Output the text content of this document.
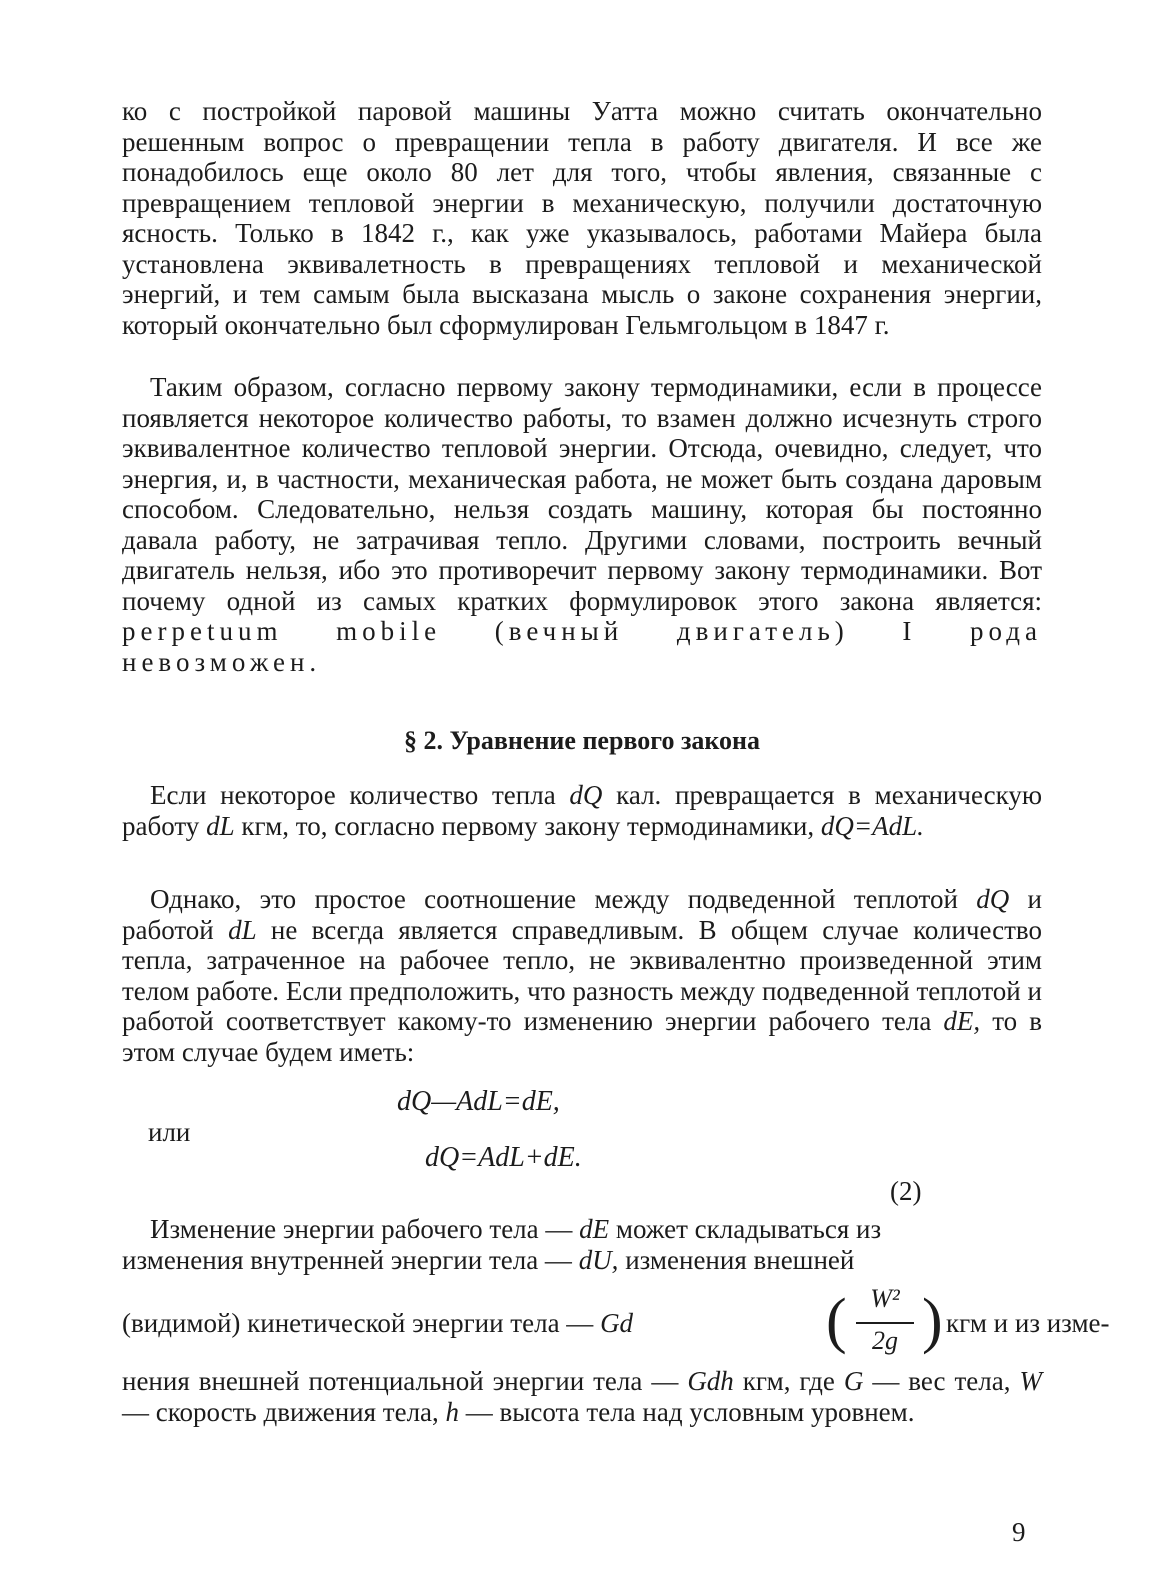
ко с постройкой паровой машины Уатта можно считать окончательно решенным вопрос о превращении тепла в работу двигателя. И все же понадобилось еще около 80 лет для того, чтобы явления, связанные с превращением тепловой энергии в механическую, получили достаточную ясность. Только в 1842 г., как уже указывалось, работами Майера была установлена эквивалетность в превращениях тепловой и механической энергий, и тем самым была высказана мысль о законе сохранения энергии, который окончательно был сформулирован Гельмгольцом в 1847 г.

Таким образом, согласно первому закону термодинамики, если в процессе появляется некоторое количество работы, то взамен должно исчезнуть строго эквивалентное количество тепловой энергии. Отсюда, очевидно, следует, что энергия, и, в частности, механическая работа, не может быть создана даровым способом. Следовательно, нельзя создать машину, которая бы постоянно давала работу, не затрачивая тепло. Другими словами, построить вечный двигатель нельзя, ибо это противоречит первому закону термодинамики. Вот почему одной из самых кратких формулировок этого закона является: perpetuum mobile (вечный двигатель) I рода невозможен.

§ 2. Уравнение первого закона

Если некоторое количество тепла dQ кал. превращается в механическую работу dL кгм, то, согласно первому закону термодинамики, dQ=AdL.

Однако, это простое соотношение между подведенной теплотой dQ и работой dL не всегда является справедливым. В общем случае количество тепла, затраченное на рабочее тепло, не эквивалентно произведенной этим телом работе. Если предположить, что разность между подведенной теплотой и работой соответствует какому-то изменению энергии рабочего тела dE, то в этом случае будем иметь:

dQ—AdL=dE,
или
dQ=AdL+dE.
(2)

Изменение энергии рабочего тела — dE может складываться из

изменения внутренней энергии тела — dU, изменения внешней

(видимой) кинетической энергии тела — Gd	( W²
2g ) кгм и из изме-

нения внешней потенциальной энергии тела — Gdh кгм, где G — вес тела, W — скорость движения тела, h — высота тела над условным уровнем.

9
